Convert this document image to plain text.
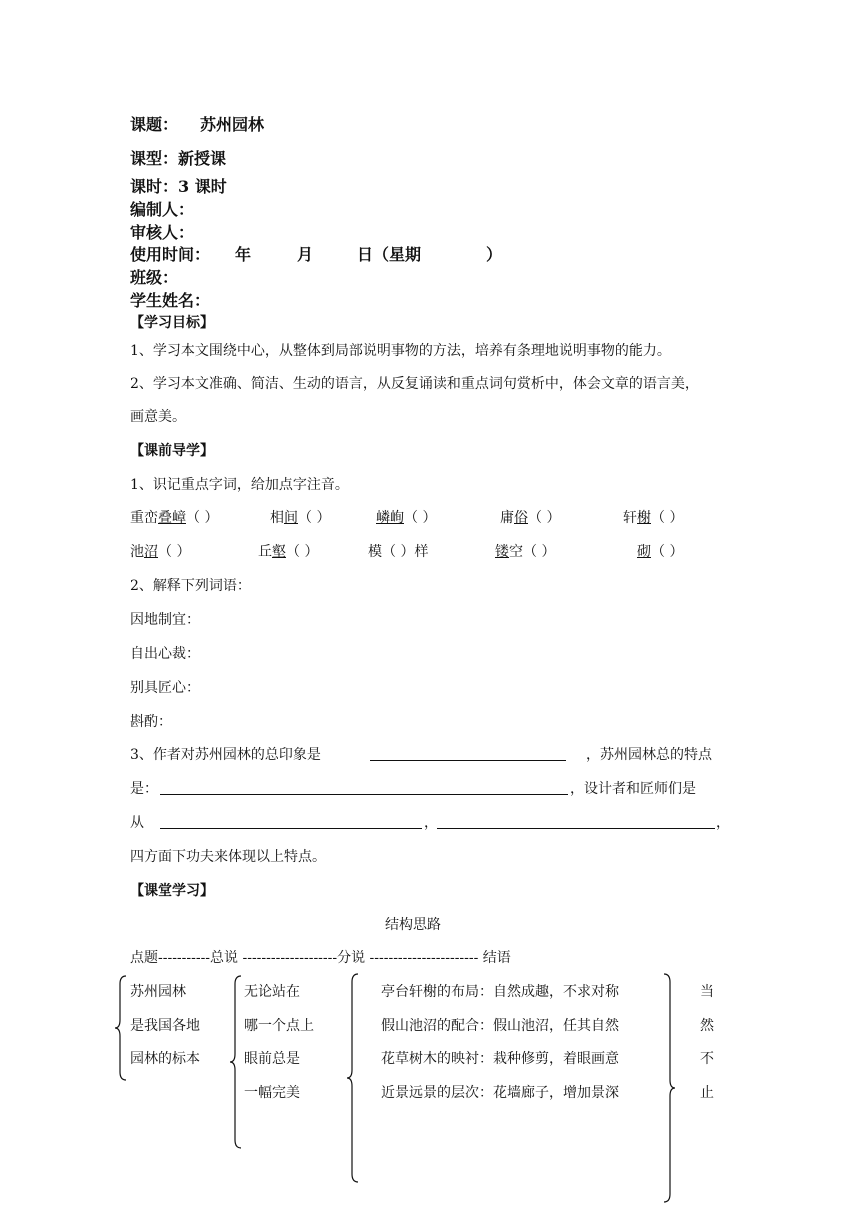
课题： 苏州园林
课型：新授课
课时：3 课时
编制人：
审核人：
使用时间： 年	月	日（星期	）
班级：
学生姓名：
【学习目标】
1、学习本文围绕中心，从整体到局部说明事物的方法，培养有条理地说明事物的能力。
2、学习本文准确、简洁、生动的语言，从反复诵读和重点词句赏析中，体会文章的语言美，
画意美。
【课前导学】
1、识记重点字词，给加点字注音。
重峦叠嶂（ ）	相间（ ）	嶙峋（ ）	庸俗（ ）	轩榭（ ）
池沼（ ）	丘壑（ ）	模（ ）样	镂空（ ）	砌（ ）
2、解释下列词语：
因地制宜：
自出心裁：
别具匠心：
斟酌：
3、作者对苏州园林的总印象是	，苏州园林总的特点
是：	，设计者和匠师们是
从	，	，
四方面下功夫来体现以上特点。
【课堂学习】
结构思路
点题-----------总说 --------------------分说 ----------------------- 结语
苏州园林
是我国各地
园林的标本
无论站在
哪一个点上
眼前总是
一幅完美
亭台轩榭的布局：自然成趣，不求对称
假山池沼的配合：假山池沼，任其自然
花草树木的映衬：栽种修剪，着眼画意
近景远景的层次：花墙廊子，增加景深
当
然
不
止
